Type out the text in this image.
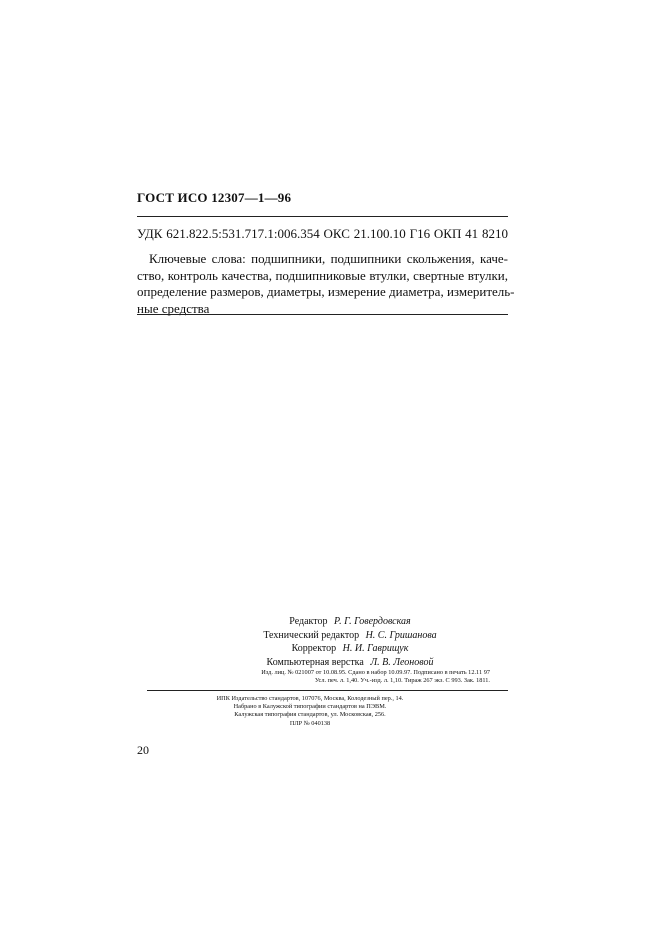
ГОСТ ИСО 12307—1—96
УДК 621.822.5:531.717.1:006.354 ОКС 21.100.10 Г16 ОКП 41 8210
Ключевые слова: подшипники, подшипники скольжения, каче-
ство, контроль качества, подшипниковые втулки, свертные втулки,
определение размеров, диаметры, измерение диаметра, измеритель-
ные средства
Редактор Р. Г. Говердовская
Технический редактор Н. С. Гришанова
Корректор Н. И. Гаврищук
Компьютерная верстка Л. В. Леоновой
Изд. лиц. № 021007 от 10.08.95. Сдано в набор 10.09.97. Подписано в печать 12.11 97
Усл. печ. л. 1,40. Уч.-изд. л. 1,10. Тираж 267 экз. С 993. Зак. 1811.
ИПК Издательство стандартов, 107076, Москва, Колодезный пер., 14.
Набрано в Калужской типографии стандартов на ПЭВМ.
Калужская типография стандартов, ул. Московская, 256.
ПЛР № 040138
20
